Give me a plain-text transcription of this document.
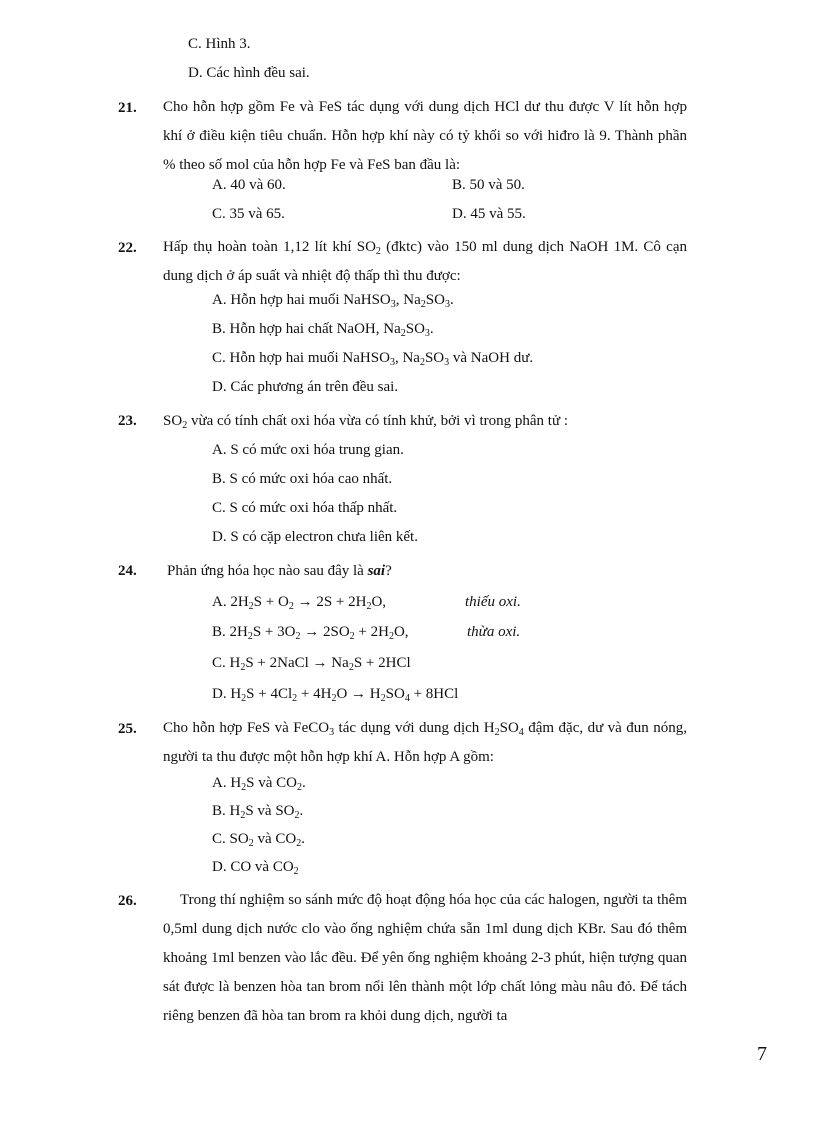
C. Hình 3.
D. Các hình đều sai.
21. Cho hỗn hợp gồm Fe và FeS tác dụng với dung dịch HCl dư thu được V lít hỗn hợp khí ở điều kiện tiêu chuẩn. Hỗn hợp khí này có tỷ khối so với hiđro là 9. Thành phần % theo số mol của hỗn hợp Fe và FeS ban đầu là:
A. 40 và 60.	B. 50 và 50.
C. 35 và 65.	D. 45 và 55.
22. Hấp thụ hoàn toàn 1,12 lít khí $SO_2$ (đktc) vào 150 ml dung dịch NaOH 1M. Cô cạn dung dịch ở áp suất và nhiệt độ thấp thì thu được:
A. Hỗn hợp hai muối NaHSO$_3$, $Na_2SO_3$.
B. Hỗn hợp hai chất NaOH, $Na_2SO_3$.
C. Hỗn hợp hai muối NaHSO$_3$, $Na_2SO_3$ và NaOH dư.
D. Các phương án trên đều sai.
23. $SO_2$ vừa có tính chất oxi hóa vừa có tính khử, bởi vì trong phân tử :
A. S có mức oxi hóa trung gian.
B. S có mức oxi hóa cao nhất.
C. S có mức oxi hóa thấp nhất.
D. S có cặp electron chưa liên kết.
24. Phản ứng hóa học nào sau đây là sai?
A. $2H_2S + O_2 \to 2S + 2H_2O$,	thiếu oxi.
B. $2H_2S + 3O_2 \to 2SO_2 + 2H_2O$,	thừa oxi.
C. $H_2S$ + 2NaCl → $Na_2S + 2HCl$
D. $H_2S + 4Cl_2 + 4H_2O \to H_2SO_4 + 8HCl$
25. Cho hỗn hợp FeS và FeCO$_3$ tác dụng với dung dịch $H_2SO_4$ đậm đặc, dư và đun nóng, người ta thu được một hỗn hợp khí A. Hỗn hợp A gồm:
A. $H_2S$ và $CO_2$.
B. $H_2S$ và $SO_2$.
C. $SO_2$ và $CO_2$.
D. CO và $CO_2$
26.	Trong thí nghiệm so sánh mức độ hoạt động hóa học của các halogen, người ta thêm 0,5ml dung dịch nước clo vào ống nghiệm chứa sẵn 1ml dung dịch KBr. Sau đó thêm khoảng 1ml benzen vào lắc đều. Để yên ống nghiệm khoảng 2-3 phút, hiện tượng quan sát được là benzen hòa tan brom nổi lên thành một lớp chất lỏng màu nâu đỏ. Để tách riêng benzen đã hòa tan brom ra khỏi dung dịch, người ta
7
